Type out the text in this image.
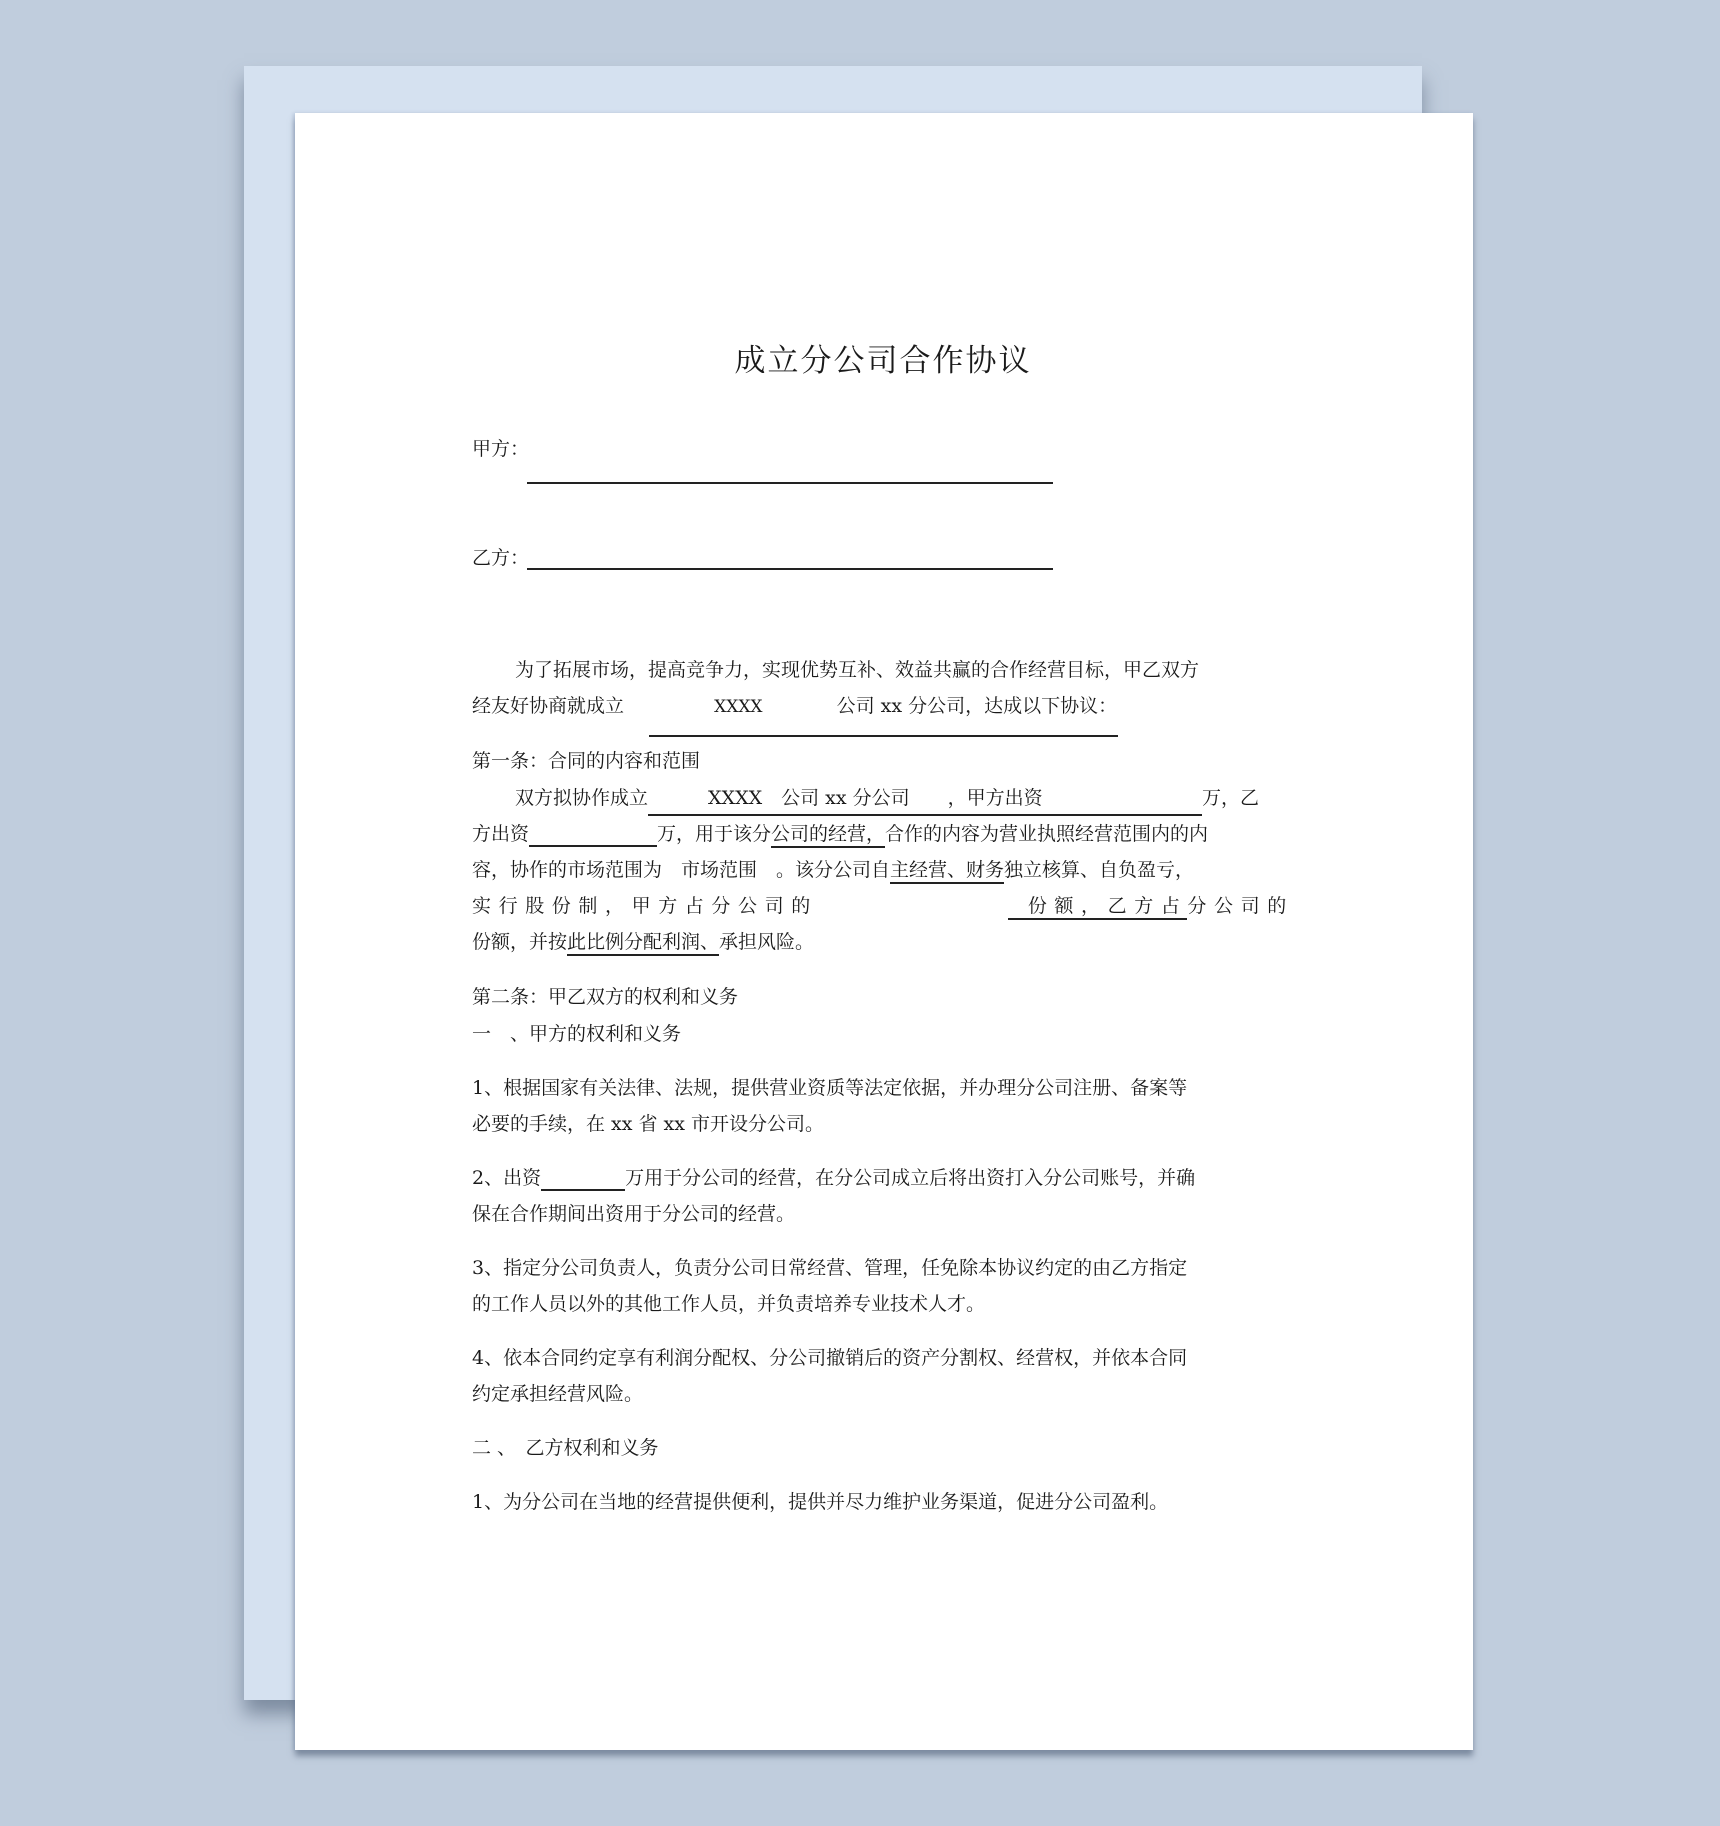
成立分公司合作协议
甲方：
乙方：
为了拓展市场，提高竞争力，实现优势互补、效益共赢的合作经营目标，甲乙双方
经友好协商就成立	XXXX	公司 xx 分公司，达成以下协议：
第一条：合同的内容和范围
双方拟协作成立	XXXX　公司 xx 分公司　　，甲方出资	万，乙
方出资	万，用于该分公司的经营，合作的内容为营业执照经营范围内的内
容，协作的市场范围为　市场范围　。该分公司自主经营、财务独立核算、自负盈亏，
实行股份制，甲方占分公司的	份额，乙方占分公司的
份额，并按此比例分配利润、承担风险。
第二条：甲乙双方的权利和义务
一　、甲方的权利和义务
1、根据国家有关法律、法规，提供营业资质等法定依据，并办理分公司注册、备案等
必要的手续，在 xx 省 xx 市开设分公司。
2、出资	万用于分公司的经营，在分公司成立后将出资打入分公司账号，并确
保在合作期间出资用于分公司的经营。
3、指定分公司负责人，负责分公司日常经营、管理，任免除本协议约定的由乙方指定
的工作人员以外的其他工作人员，并负责培养专业技术人才。
4、依本合同约定享有利润分配权、分公司撤销后的资产分割权、经营权，并依本合同
约定承担经营风险。
二 、　乙方权利和义务
1、为分公司在当地的经营提供便利，提供并尽力维护业务渠道，促进分公司盈利。
